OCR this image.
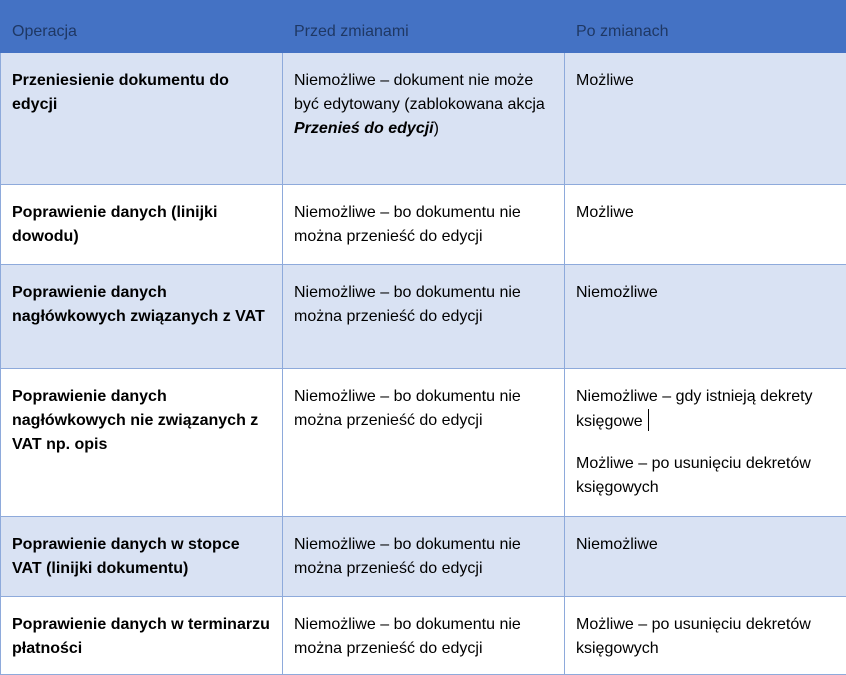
Operacja	Przed zmianami	Po zmianach
Przeniesienie dokumentu do edycji	Niemożliwe – dokument nie może być edytowany (zablokowana akcja Przenieś do edycji)	Możliwe
Poprawienie danych (linijki dowodu)	Niemożliwe – bo dokumentu nie można przenieść do edycji	Możliwe
Poprawienie danych nagłówkowych związanych z VAT	Niemożliwe – bo dokumentu nie można przenieść do edycji	Niemożliwe
Poprawienie danych nagłówkowych nie związanych z VAT np. opis	Niemożliwe – bo dokumentu nie można przenieść do edycji	Niemożliwe – gdy istnieją dekrety księgowe
Możliwe – po usunięciu dekretów księgowych

Poprawienie danych w stopce VAT (linijki dokumentu)	Niemożliwe – bo dokumentu nie można przenieść do edycji	Niemożliwe
Poprawienie danych w terminarzu płatności	Niemożliwe – bo dokumentu nie można przenieść do edycji	Możliwe – po usunięciu dekretów księgowych
